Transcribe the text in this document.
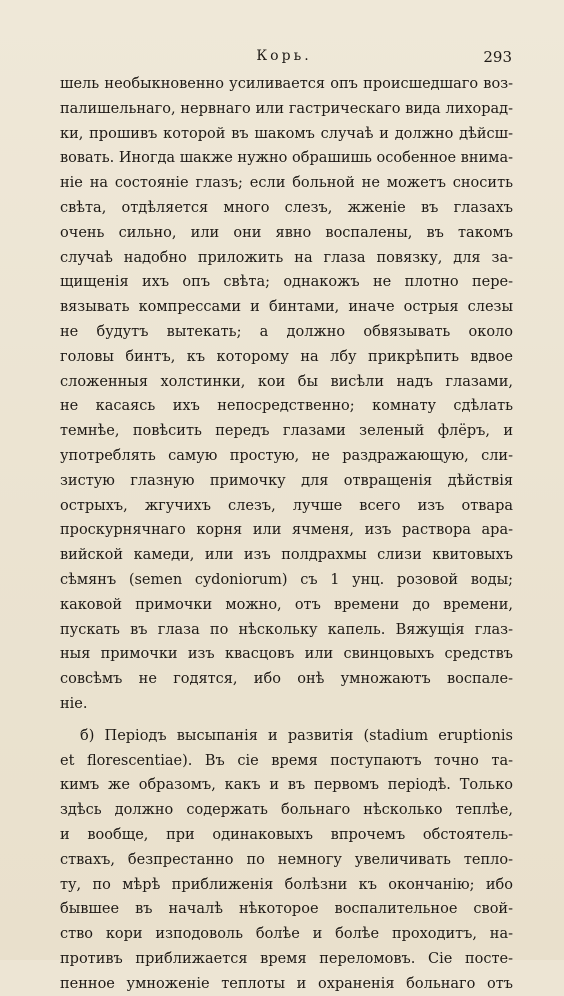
Корь.	293
шель необыкновенно усиливается опъ происшедшаго воз-
палишельнаго, нервнаго или гастрическаго вида лихорад-
ки, прошивъ которой въ шакомъ случаѣ и должно дѣйсш-
вовать. Иногда шакже нужно обрашишь особенное внима-
ніе на состояніе глазъ; если больной не можетъ сносить
свѣта, отдѣляется много слезъ, жженіе въ глазахъ
очень сильно, или они явно воспалены, въ такомъ
случаѣ надобно приложить на глаза повязку, для за-
щищенія ихъ опъ свѣта; однакожъ не плотно пере-
вязывать компрессами и бинтами, иначе острыя слезы
не будутъ вытекать; а должно обвязывать около
головы бинтъ, къ которому на лбу прикрѣпить вдвое
сложенныя холстинки, кои бы висѣли надъ глазами,
не касаясь ихъ непосредственно; комнату сдѣлать
темнѣе, повѣсить передъ глазами зеленый флёръ, и
употреблять самую простую, не раздражающую, сли-
зистую глазную примочку для отвращенія дѣйствія
острыхъ, жгучихъ слезъ, лучше всего изъ отвара
проскурнячнаго корня или ячменя, изъ раствора ара-
вийской камеди, или изъ полдрахмы слизи квитовыхъ
сѣмянъ (semen cydoniorum) съ 1 унц. розовой воды;
каковой примочки можно, отъ времени до времени,
пускать въ глаза по нѣскольку капель. Вяжущія глаз-
ныя примочки изъ квасцовъ или свинцовыхъ средствъ
совсѣмъ не годятся, ибо онѣ умножаютъ воспале-
ніе.
б) Періодъ высыпанія и развитія (stadium eruptionis
et florescentiae). Въ сіе время поступаютъ точно та-
кимъ же образомъ, какъ и въ первомъ періодѣ. Только
здѣсь должно содержать больнаго нѣсколько теплѣе,
и вообще, при одинаковыхъ впрочемъ обстоятель-
ствахъ, безпрестанно по немногу увеличивать тепло-
ту, по мѣрѣ приближенія болѣзни къ окончанію; ибо
бывшее въ началѣ нѣкоторое воспалительное свой-
ство кори изподоволь болѣе и болѣе проходитъ, на-
противъ приближается время переломовъ. Сіе посте-
пенное умноженіе теплоты и охраненія больнаго отъ
